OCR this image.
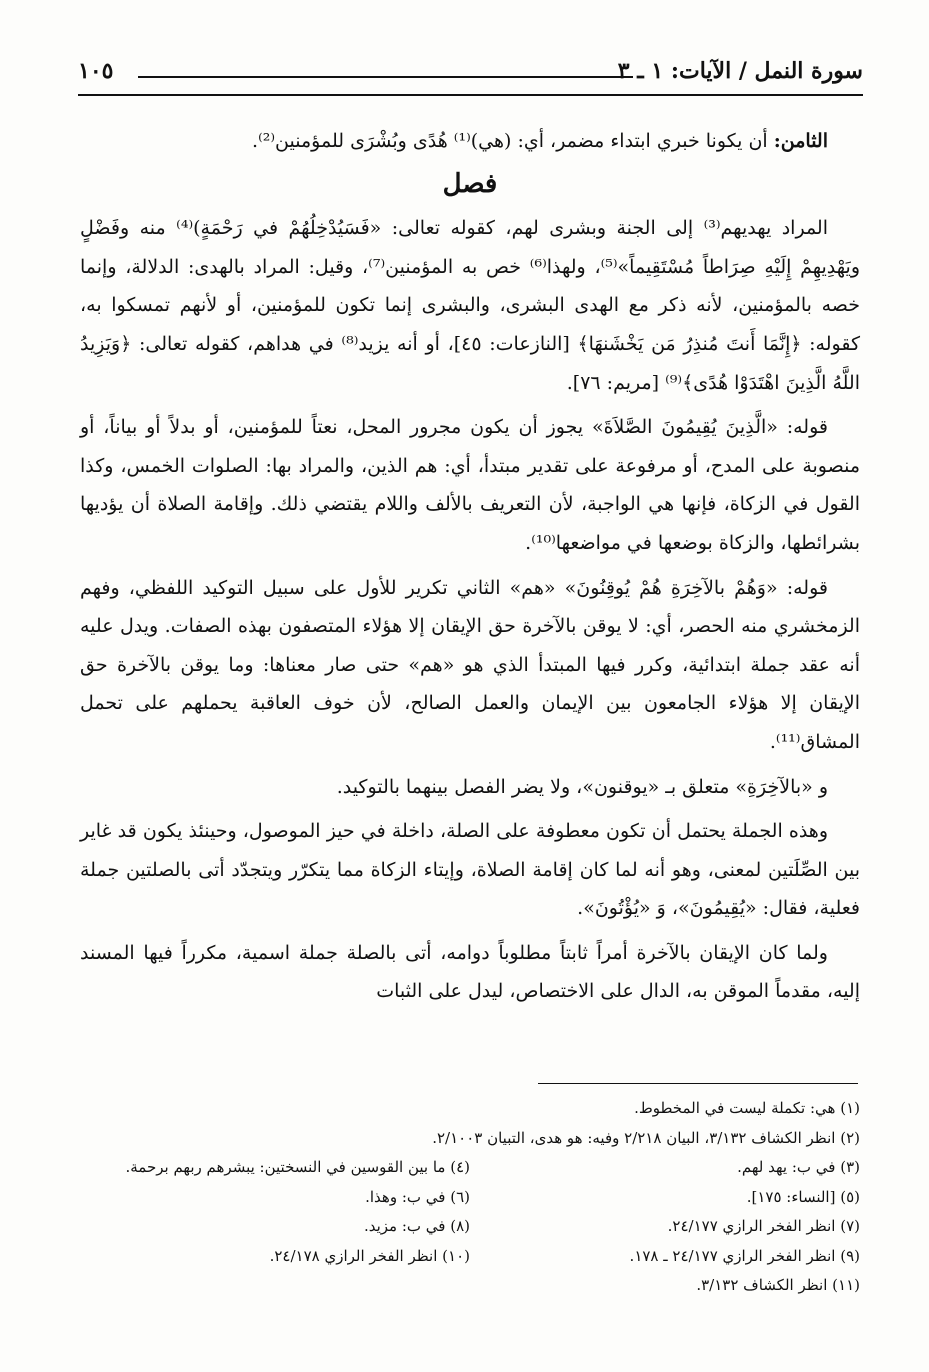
سورة النمل / الآيات: ١ ـ ٣
١٠٥

الثامن: أن يكونا خبري ابتداء مضمر، أي: (هي)⁽¹⁾ هُدًى وبُشْرَى للمؤمنين⁽²⁾.

فصل

المراد يهديهم⁽³⁾ إلى الجنة وبشرى لهم، كقوله تعالى: «فَسَيُدْخِلُهُمْ في رَحْمَةٍ)⁽⁴⁾ منه وفَضْلٍ ويَهْدِيهِمْ إِلَيْهِ صِرَاطاً مُسْتَقِيماً»⁽⁵⁾، ولهذا⁽⁶⁾ خص به المؤمنين⁽⁷⁾، وقيل: المراد بالهدى: الدلالة، وإنما خصه بالمؤمنين، لأنه ذكر مع الهدى البشرى، والبشرى إنما تكون للمؤمنين، أو لأنهم تمسكوا به، كقوله: ﴿إِنَّمَا أَنتَ مُنذِرُ مَن يَخْشَنهَا﴾ [النازعات: ٤٥]، أو أنه يزيد⁽⁸⁾ في هداهم، كقوله تعالى: ﴿وَيَزِيدُ اللَّهُ الَّذِينَ اهْتَدَوْا هُدًى﴾⁽⁹⁾ [مريم: ٧٦].

قوله: «الَّذِينَ يُقِيمُونَ الصَّلاَةَ» يجوز أن يكون مجرور المحل، نعتاً للمؤمنين، أو بدلاً أو بياناً، أو منصوبة على المدح، أو مرفوعة على تقدير مبتدأ، أي: هم الذين، والمراد بها: الصلوات الخمس، وكذا القول في الزكاة، فإنها هي الواجبة، لأن التعريف بالألف واللام يقتضي ذلك. وإقامة الصلاة أن يؤديها بشرائطها، والزكاة بوضعها في مواضعها⁽¹⁰⁾.

قوله: «وَهُمْ بالآخِرَةِ هُمْ يُوقِنُونَ» «هم» الثاني تكرير للأول على سبيل التوكيد اللفظي، وفهم الزمخشري منه الحصر، أي: لا يوقن بالآخرة حق الإيقان إلا هؤلاء المتصفون بهذه الصفات. ويدل عليه أنه عقد جملة ابتدائية، وكرر فيها المبتدأ الذي هو «هم» حتى صار معناها: وما يوقن بالآخرة حق الإيقان إلا هؤلاء الجامعون بين الإيمان والعمل الصالح، لأن خوف العاقبة يحملهم على تحمل المشاق⁽¹¹⁾.

و «بالآخِرَةِ» متعلق بـ «يوقنون»، ولا يضر الفصل بينهما بالتوكيد.

وهذه الجملة يحتمل أن تكون معطوفة على الصلة، داخلة في حيز الموصول، وحينئذ يكون قد غاير بين الصِّلَتين لمعنى، وهو أنه لما كان إقامة الصلاة، وإيتاء الزكاة مما يتكرّر ويتجدّد أتى بالصلتين جملة فعلية، فقال: «يُقِيمُونَ»، وَ «يُؤْتُونَ».

ولما كان الإيقان بالآخرة أمراً ثابتاً مطلوباً دوامه، أتى بالصلة جملة اسمية، مكرراً فيها المسند إليه، مقدماً الموقن به، الدال على الاختصاص، ليدل على الثبات

(١) هي: تكملة ليست في المخطوط.
(٢) انظر الكشاف ٣/١٣٢، البيان ٢/٢١٨ وفيه: هو هدى، التبيان ٢/١٠٠٣.
(٣) في ب: يهد لهم.
(٤) ما بين القوسين في النسختين: يبشرهم ربهم برحمة.
(٥) [النساء: ١٧٥].
(٦) في ب: وهذا.
(٧) انظر الفخر الرازي ٢٤/١٧٧.
(٨) في ب: مزيد.
(٩) انظر الفخر الرازي ٢٤/١٧٧ ـ ١٧٨.
(١٠) انظر الفخر الرازي ٢٤/١٧٨.
(١١) انظر الكشاف ٣/١٣٢.
